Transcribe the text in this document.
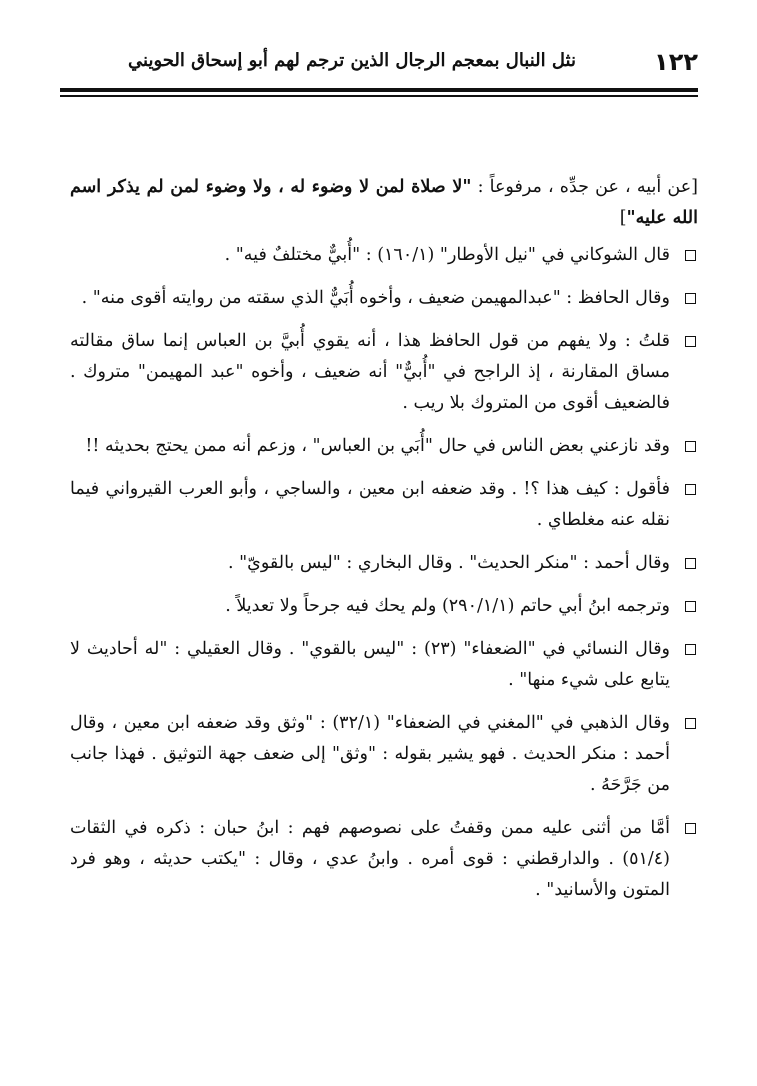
١٢٢
نثل النبال بمعجم الرجال الذين ترجم لهم أبو إسحاق الحويني

[عن أبيه ، عن جدِّه ، مرفوعاً : "لا صلاة لمن لا وضوء له ، ولا وضوء لمن لم يذكر اسم الله عليه"]

قال الشوكاني في "نيل الأوطار" (١٦٠/١) : "أُبيٌّ مختلفٌ فيه" .

وقال الحافظ : "عبدالمهيمن ضعيف ، وأخوه أُبَيٌّ الذي سقته من روايته أقوى منه" .

قلتُ : ولا يفهم من قول الحافظ هذا ، أنه يقوي أُبيَّ بن العباس إنما ساق مقالته مساق المقارنة ، إذ الراجح في "أُبيٌّ" أنه ضعيف ، وأخوه "عبد المهيمن" متروك . فالضعيف أقوى من المتروك بلا ريب .

وقد نازعني بعض الناس في حال "أُبَي بن العباس" ، وزعم أنه ممن يحتج بحديثه !!

فأقول : كيف هذا ؟! . وقد ضعفه ابن معين ، والساجي ، وأبو العرب القيرواني فيما نقله عنه مغلطاي .

وقال أحمد : "منكر الحديث" . وقال البخاري : "ليس بالقويّ" .

وترجمه ابنُ أبي حاتم (٢٩٠/١/١) ولم يحك فيه جرحاً ولا تعديلاً .

وقال النسائي في "الضعفاء" (٢٣) : "ليس بالقوي" . وقال العقيلي : "له أحاديث لا يتابع على شيء منها" .

وقال الذهبي في "المغني في الضعفاء" (٣٢/١) : "وثق وقد ضعفه ابن معين ، وقال أحمد : منكر الحديث . فهو يشير بقوله : "وثق" إلى ضعف جهة التوثيق . فهذا جانب من جَرَّحَهُ .

أمَّا من أثنى عليه ممن وقفتُ على نصوصهم فهم : ابنُ حبان : ذكره في الثقات (٥١/٤) . والدارقطني : قوى أمره . وابنُ عدي ، وقال : "يكتب حديثه ، وهو فرد المتون والأسانيد" .
